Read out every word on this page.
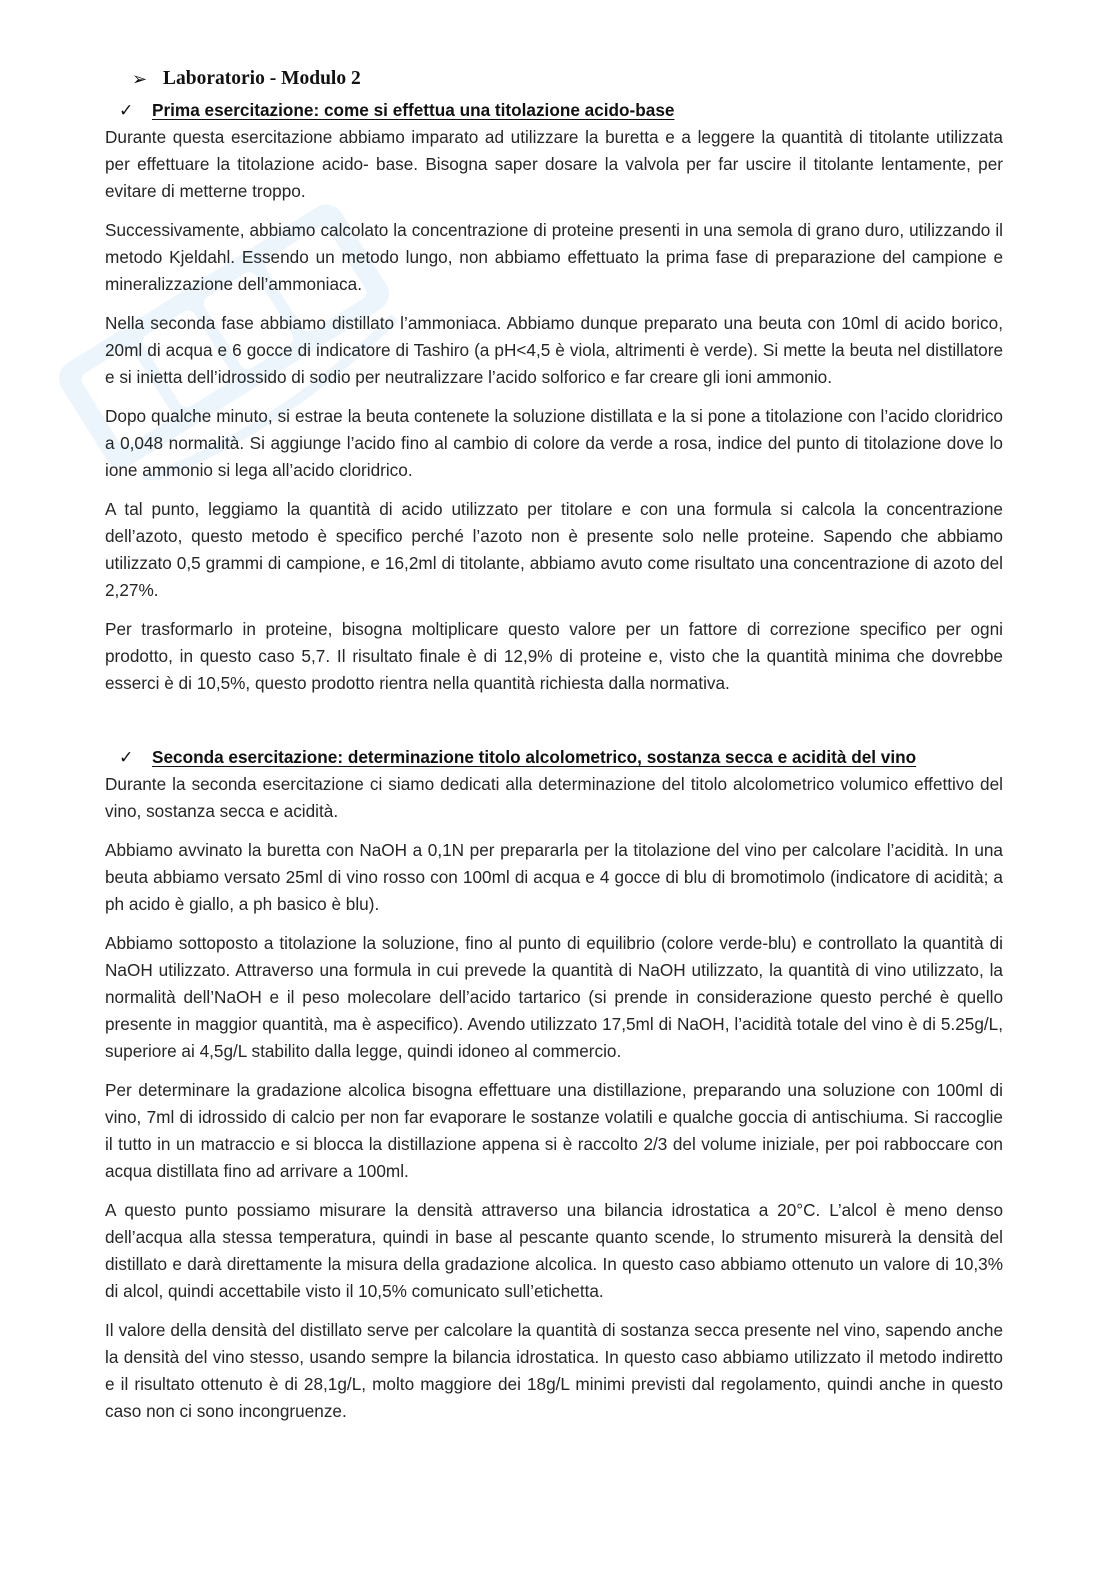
➢ Laboratorio - Modulo 2
✓ Prima esercitazione: come si effettua una titolazione acido-base

Durante questa esercitazione abbiamo imparato ad utilizzare la buretta e a leggere la quantità di titolante utilizzata per effettuare la titolazione acido- base. Bisogna saper dosare la valvola per far uscire il titolante lentamente, per evitare di metterne troppo.

Successivamente, abbiamo calcolato la concentrazione di proteine presenti in una semola di grano duro, utilizzando il metodo Kjeldahl. Essendo un metodo lungo, non abbiamo effettuato la prima fase di preparazione del campione e mineralizzazione dell’ammoniaca.

Nella seconda fase abbiamo distillato l’ammoniaca. Abbiamo dunque preparato una beuta con 10ml di acido borico, 20ml di acqua e 6 gocce di indicatore di Tashiro (a pH<4,5 è viola, altrimenti è verde). Si mette la beuta nel distillatore e si inietta dell’idrossido di sodio per neutralizzare l’acido solforico e far creare gli ioni ammonio.

Dopo qualche minuto, si estrae la beuta contenete la soluzione distillata e la si pone a titolazione con l’acido cloridrico a 0,048 normalità. Si aggiunge l’acido fino al cambio di colore da verde a rosa, indice del punto di titolazione dove lo ione ammonio si lega all’acido cloridrico.

A tal punto, leggiamo la quantità di acido utilizzato per titolare e con una formula si calcola la concentrazione dell’azoto, questo metodo è specifico perché l’azoto non è presente solo nelle proteine. Sapendo che abbiamo utilizzato 0,5 grammi di campione, e 16,2ml di titolante, abbiamo avuto come risultato una concentrazione di azoto del 2,27%.

Per trasformarlo in proteine, bisogna moltiplicare questo valore per un fattore di correzione specifico per ogni prodotto, in questo caso 5,7. Il risultato finale è di 12,9% di proteine e, visto che la quantità minima che dovrebbe esserci è di 10,5%, questo prodotto rientra nella quantità richiesta dalla normativa.

✓ Seconda esercitazione: determinazione titolo alcolometrico, sostanza secca e acidità del vino

Durante la seconda esercitazione ci siamo dedicati alla determinazione del titolo alcolometrico volumico effettivo del vino, sostanza secca e acidità.

Abbiamo avvinato la buretta con NaOH a 0,1N per prepararla per la titolazione del vino per calcolare l’acidità. In una beuta abbiamo versato 25ml di vino rosso con 100ml di acqua e 4 gocce di blu di bromotimolo (indicatore di acidità; a ph acido è giallo, a ph basico è blu).

Abbiamo sottoposto a titolazione la soluzione, fino al punto di equilibrio (colore verde-blu) e controllato la quantità di NaOH utilizzato. Attraverso una formula in cui prevede la quantità di NaOH utilizzato, la quantità di vino utilizzato, la normalità dell’NaOH e il peso molecolare dell’acido tartarico (si prende in considerazione questo perché è quello presente in maggior quantità, ma è aspecifico). Avendo utilizzato 17,5ml di NaOH, l’acidità totale del vino è di 5.25g/L, superiore ai 4,5g/L stabilito dalla legge, quindi idoneo al commercio.

Per determinare la gradazione alcolica bisogna effettuare una distillazione, preparando una soluzione con 100ml di vino, 7ml di idrossido di calcio per non far evaporare le sostanze volatili e qualche goccia di antischiuma. Si raccoglie il tutto in un matraccio e si blocca la distillazione appena si è raccolto 2/3 del volume iniziale, per poi rabboccare con acqua distillata fino ad arrivare a 100ml.

A questo punto possiamo misurare la densità attraverso una bilancia idrostatica a 20°C. L’alcol è meno denso dell’acqua alla stessa temperatura, quindi in base al pescante quanto scende, lo strumento misurerà la densità del distillato e darà direttamente la misura della gradazione alcolica. In questo caso abbiamo ottenuto un valore di 10,3% di alcol, quindi accettabile visto il 10,5% comunicato sull’etichetta.

Il valore della densità del distillato serve per calcolare la quantità di sostanza secca presente nel vino, sapendo anche la densità del vino stesso, usando sempre la bilancia idrostatica. In questo caso abbiamo utilizzato il metodo indiretto e il risultato ottenuto è di 28,1g/L, molto maggiore dei 18g/L minimi previsti dal regolamento, quindi anche in questo caso non ci sono incongruenze.
